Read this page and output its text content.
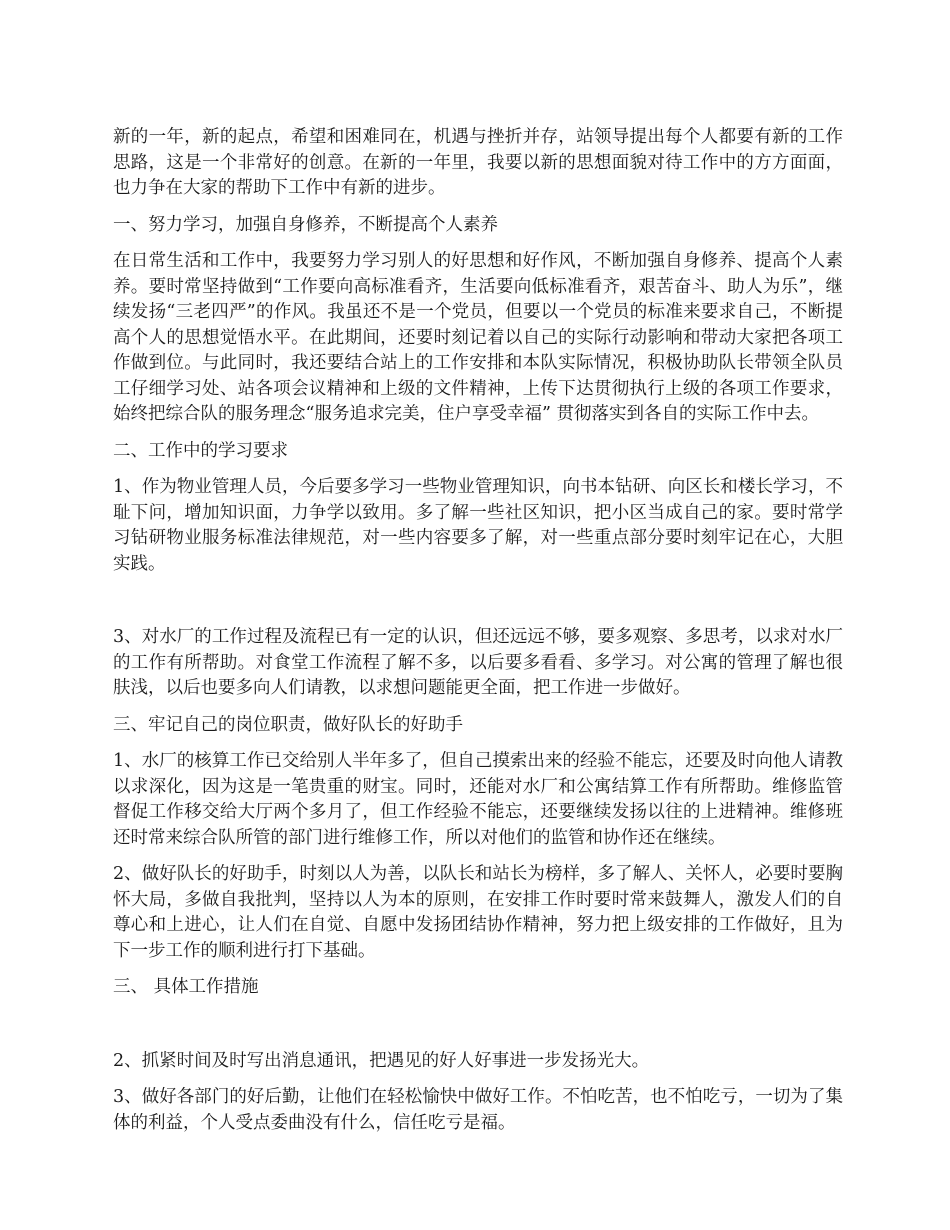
新的一年，新的起点，希望和困难同在，机遇与挫折并存，站领导提出每个人都要有新的工作思路，这是一个非常好的创意。在新的一年里，我要以新的思想面貌对待工作中的方方面面，也力争在大家的帮助下工作中有新的进步。

一、努力学习，加强自身修养，不断提高个人素养

在日常生活和工作中，我要努力学习别人的好思想和好作风，不断加强自身修养、提高个人素养。要时常坚持做到“工作要向高标准看齐，生活要向低标准看齐，艰苦奋斗、助人为乐”，继续发扬“三老四严”的作风。我虽还不是一个党员，但要以一个党员的标准来要求自己，不断提高个人的思想觉悟水平。在此期间，还要时刻记着以自己的实际行动影响和带动大家把各项工作做到位。与此同时，我还要结合站上的工作安排和本队实际情况，积极协助队长带领全队员工仔细学习处、站各项会议精神和上级的文件精神，上传下达贯彻执行上级的各项工作要求，始终把综合队的服务理念“服务追求完美，住户享受幸福” 贯彻落实到各自的实际工作中去。

二、工作中的学习要求

1、作为物业管理人员，今后要多学习一些物业管理知识，向书本钻研、向区长和楼长学习，不耻下问，增加知识面，力争学以致用。多了解一些社区知识，把小区当成自己的家。要时常学习钻研物业服务标准法律规范，对一些内容要多了解，对一些重点部分要时刻牢记在心，大胆实践。

3、对水厂的工作过程及流程已有一定的认识，但还远远不够，要多观察、多思考，以求对水厂的工作有所帮助。对食堂工作流程了解不多，以后要多看看、多学习。对公寓的管理了解也很肤浅，以后也要多向人们请教，以求想问题能更全面，把工作进一步做好。

三、牢记自己的岗位职责，做好队长的好助手

1、水厂的核算工作已交给别人半年多了，但自己摸索出来的经验不能忘，还要及时向他人请教以求深化，因为这是一笔贵重的财宝。同时，还能对水厂和公寓结算工作有所帮助。维修监管督促工作移交给大厅两个多月了，但工作经验不能忘，还要继续发扬以往的上进精神。维修班还时常来综合队所管的部门进行维修工作，所以对他们的监管和协作还在继续。

2、做好队长的好助手，时刻以人为善，以队长和站长为榜样，多了解人、关怀人，必要时要胸怀大局，多做自我批判，坚持以人为本的原则，在安排工作时要时常来鼓舞人，激发人们的自尊心和上进心，让人们在自觉、自愿中发扬团结协作精神，努力把上级安排的工作做好，且为下一步工作的顺利进行打下基础。

三、 具体工作措施

2、抓紧时间及时写出消息通讯，把遇见的好人好事进一步发扬光大。

3、做好各部门的好后勤，让他们在轻松愉快中做好工作。不怕吃苦，也不怕吃亏，一切为了集体的利益，个人受点委曲没有什么，信任吃亏是福。
